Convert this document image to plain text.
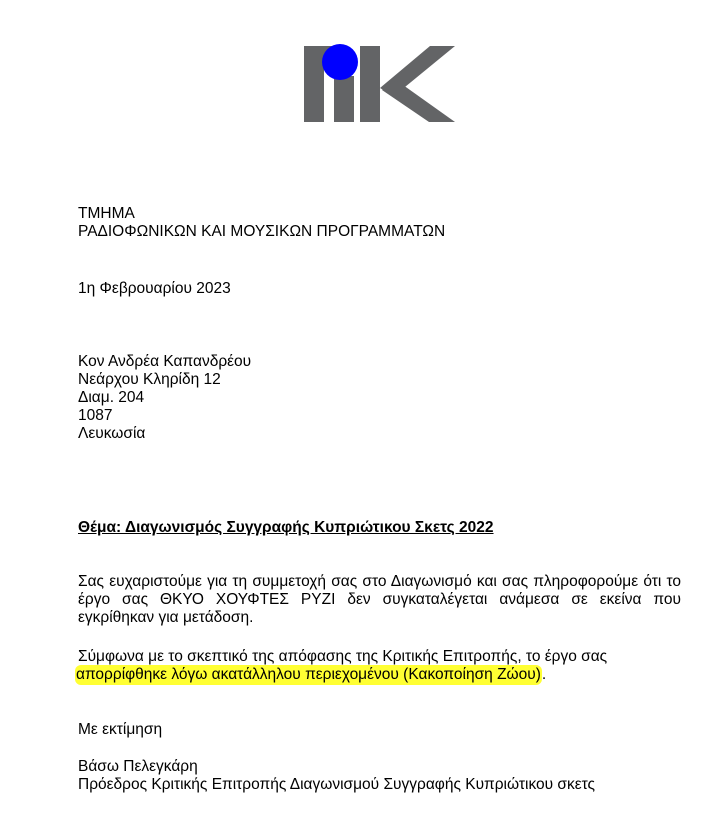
ΤΜΗΜΑ
ΡΑΔΙΟΦΩΝΙΚΩΝ ΚΑΙ ΜΟΥΣΙΚΩΝ ΠΡΟΓΡΑΜΜΑΤΩΝ
1η Φεβρουαρίου 2023
Κον Ανδρέα Καπανδρέου
Νεάρχου Κληρίδη 12
Διαμ. 204
1087
Λευκωσία
Θέμα: Διαγωνισμός Συγγραφής Κυπριώτικου Σκετς 2022
Σας ευχαριστούμε για τη συμμετοχή σας στο Διαγωνισμό και σας πληροφορούμε ότι το έργο σας ΘΚΥΟ ΧΟΥΦΤΕΣ ΡΥΖΙ δεν συγκαταλέγεται ανάμεσα σε εκείνα που εγκρίθηκαν για μετάδοση.
Σύμφωνα με το σκεπτικό της απόφασης της Κριτικής Επιτροπής, το έργο σας
απορρίφθηκε λόγω ακατάλληλου περιεχομένου (Κακοποίηση Ζώου).
Με εκτίμηση
Βάσω Πελεγκάρη
Πρόεδρος Κριτικής Επιτροπής Διαγωνισμού Συγγραφής Κυπριώτικου σκετς
